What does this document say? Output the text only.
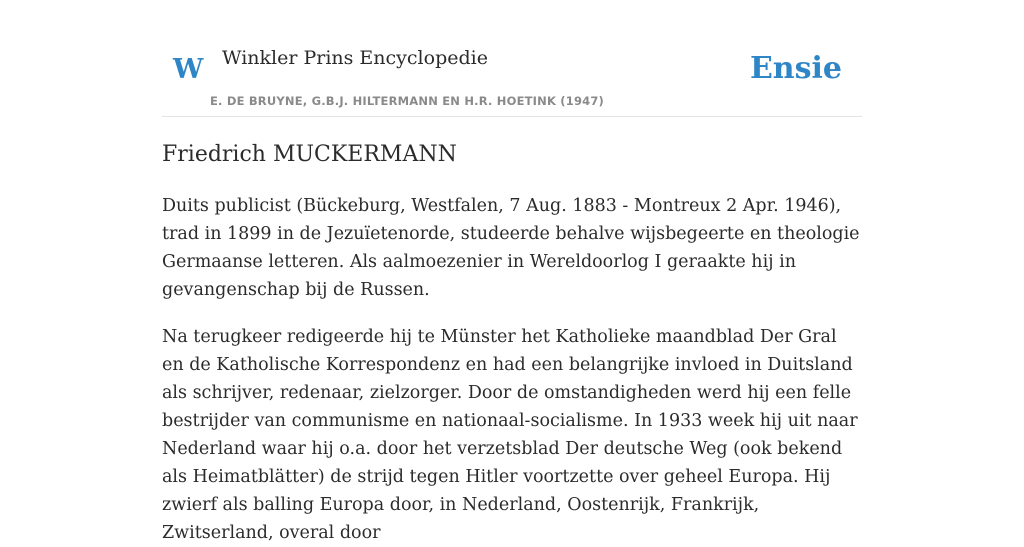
W Winkler Prins Encyclopedie
E. DE BRUYNE, G.B.J. HILTERMANN EN H.R. HOETINK (1947)
Ensie
Friedrich MUCKERMANN

Duits publicist (Bückeburg, Westfalen, 7 Aug. 1883 - Montreux 2 Apr. 1946), trad in 1899 in de Jezuïetenorde, studeerde behalve wijsbegeerte en theologie Germaanse letteren. Als aalmoezenier in Wereldoorlog I geraakte hij in gevangenschap bij de Russen.

Na terugkeer redigeerde hij te Münster het Katholieke maandblad Der Gral en de Katholische Korrespondenz en had een belangrijke invloed in Duitsland als schrijver, redenaar, zielzorger. Door de omstandigheden werd hij een felle bestrijder van communisme en nationaal-socialisme. In 1933 week hij uit naar Nederland waar hij o.a. door het verzetsblad Der deutsche Weg (ook bekend als Heimatblätter) de strijd tegen Hitler voortzette over geheel Europa. Hij zwierf als balling Europa door, in Nederland, Oostenrijk, Frankrijk, Zwitserland, overal door
